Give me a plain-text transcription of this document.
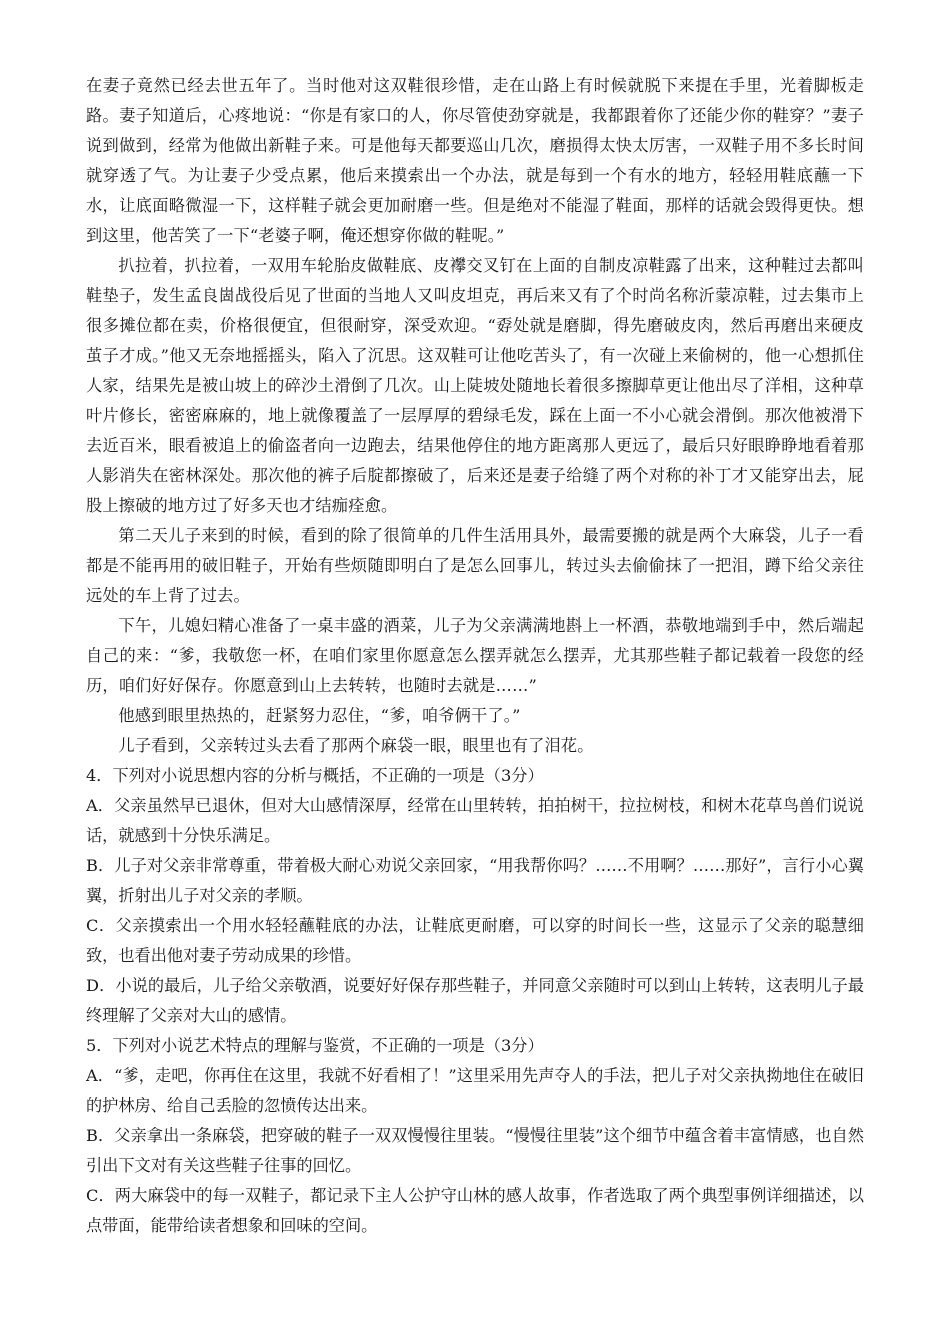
在妻子竟然已经去世五年了。当时他对这双鞋很珍惜，走在山路上有时候就脱下来提在手里，光着脚板走路。妻子知道后，心疼地说：“你是有家口的人，你尽管使劲穿就是，我都跟着你了还能少你的鞋穿？”妻子说到做到，经常为他做出新鞋子来。可是他每天都要巡山几次，磨损得太快太厉害，一双鞋子用不多长时间就穿透了气。为让妻子少受点累，他后来摸索出一个办法，就是每到一个有水的地方，轻轻用鞋底蘸一下水，让底面略微湿一下，这样鞋子就会更加耐磨一些。但是绝对不能湿了鞋面，那样的话就会毁得更快。想到这里，他苦笑了一下“老婆子啊，俺还想穿你做的鞋呢。”

扒拉着，扒拉着，一双用车轮胎皮做鞋底、皮襻交叉钉在上面的自制皮凉鞋露了出来，这种鞋过去都叫鞋垫子，发生孟良崮战役后见了世面的当地人又叫皮坦克，再后来又有了个时尚名称沂蒙凉鞋，过去集市上很多摊位都在卖，价格很便宜，但很耐穿，深受欢迎。“孬处就是磨脚，得先磨破皮肉，然后再磨出来硬皮茧子才成。”他又无奈地摇摇头，陷入了沉思。这双鞋可让他吃苦头了，有一次碰上来偷树的，他一心想抓住人家，结果先是被山坡上的碎沙土滑倒了几次。山上陡坡处随地长着很多擦脚草更让他出尽了洋相，这种草叶片修长，密密麻麻的，地上就像覆盖了一层厚厚的碧绿毛发，踩在上面一不小心就会滑倒。那次他被滑下去近百米，眼看被追上的偷盗者向一边跑去，结果他停住的地方距离那人更远了，最后只好眼睁睁地看着那人影消失在密林深处。那次他的裤子后腚都擦破了，后来还是妻子给缝了两个对称的补丁才又能穿出去，屁股上擦破的地方过了好多天也才结痂痊愈。

第二天儿子来到的时候，看到的除了很简单的几件生活用具外，最需要搬的就是两个大麻袋，儿子一看都是不能再用的破旧鞋子，开始有些烦随即明白了是怎么回事儿，转过头去偷偷抹了一把泪，蹲下给父亲往远处的车上背了过去。

下午，儿媳妇精心准备了一桌丰盛的酒菜，儿子为父亲满满地斟上一杯酒，恭敬地端到手中，然后端起自己的来：“爹，我敬您一杯，在咱们家里你愿意怎么摆弄就怎么摆弄，尤其那些鞋子都记载着一段您的经历，咱们好好保存。你愿意到山上去转转，也随时去就是……”

他感到眼里热热的，赶紧努力忍住，“爹，咱爷俩干了。”

儿子看到，父亲转过头去看了那两个麻袋一眼，眼里也有了泪花。

4．下列对小说思想内容的分析与概括，不正确的一项是（3分）

A．父亲虽然早已退休，但对大山感情深厚，经常在山里转转，拍拍树干，拉拉树枝，和树木花草鸟兽们说说话，就感到十分快乐满足。

B．儿子对父亲非常尊重，带着极大耐心劝说父亲回家，“用我帮你吗？……不用啊？……那好”，言行小心翼翼，折射出儿子对父亲的孝顺。

C．父亲摸索出一个用水轻轻蘸鞋底的办法，让鞋底更耐磨，可以穿的时间长一些，这显示了父亲的聪慧细致，也看出他对妻子劳动成果的珍惜。

D．小说的最后，儿子给父亲敬酒，说要好好保存那些鞋子，并同意父亲随时可以到山上转转，这表明儿子最终理解了父亲对大山的感情。

5．下列对小说艺术特点的理解与鉴赏，不正确的一项是（3分）

A．“爹，走吧，你再住在这里，我就不好看相了！”这里采用先声夺人的手法，把儿子对父亲执拗地住在破旧的护林房、给自己丢脸的忽愤传达出来。

B．父亲拿出一条麻袋，把穿破的鞋子一双双慢慢往里装。“慢慢往里装”这个细节中蕴含着丰富情感，也自然引出下文对有关这些鞋子往事的回忆。

C．两大麻袋中的每一双鞋子，都记录下主人公护守山林的感人故事，作者选取了两个典型事例详细描述，以点带面，能带给读者想象和回味的空间。
